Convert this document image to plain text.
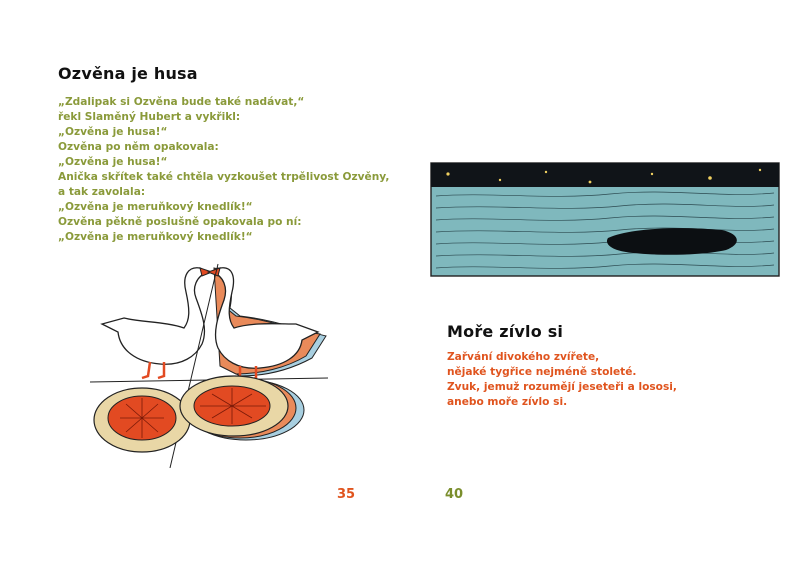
Ozvěna je husa
„Zdalipak si Ozvěna bude také nadávat,“
řekl Slaměný Hubert a vykřikl:
„Ozvěna je husa!“
Ozvěna po něm opakovala:
„Ozvěna je husa!“
Anička skřítek také chtěla vyzkoušet trpělivost Ozvěny,
a tak zavolala:
„Ozvěna je meruňkový knedlík!“
Ozvěna pěkně poslušně opakovala po ní:
„Ozvěna je meruňkový knedlík!“
35
Moře zívlo si
Zařvání divokého zvířete,
nějaké tygřice nejméně stoleté.
Zvuk, jemuž rozumějí jeseteři a lososi,
anebo moře zívlo si.
40
